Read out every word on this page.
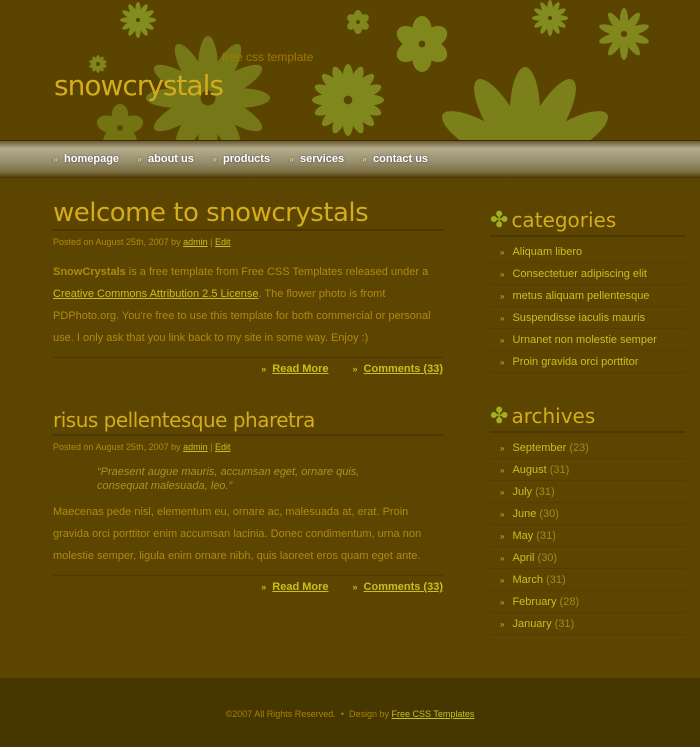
snowcrystals
free css template
» homepage » about us » products » services » contact us
welcome to snowcrystals
Posted on August 25th, 2007 by admin | Edit

SnowCrystals is a free template from Free CSS Templates released under a Creative Commons Attribution 2.5 License. The flower photo is fromt PDPhoto.org. You're free to use this template for both commercial or personal use. I only ask that you link back to my site in some way. Enjoy :)

» Read More	» Comments (33)
risus pellentesque pharetra
Posted on August 25th, 2007 by admin | Edit

“Praesent augue mauris, accumsan eget, ornare quis, consequat malesuada, leo.”

Maecenas pede nisl, elementum eu, ornare ac, malesuada at, erat. Proin gravida orci porttitor enim accumsan lacinia. Donec condimentum, urna non molestie semper, ligula enim ornare nibh, quis laoreet eros quam eget ante.

» Read More	» Comments (33)
✤ categories
» Aliquam libero
» Consectetuer adipiscing elit
» metus aliquam pellentesque
» Suspendisse iaculis mauris
» Urnanet non molestie semper
» Proin gravida orci porttitor
✤ archives
» September (23)
» August (31)
» July (31)
» June (30)
» May (31)
» April (30)
» March (31)
» February (28)
» January (31)
©2007 All Rights Reserved. • Design by Free CSS Templates
